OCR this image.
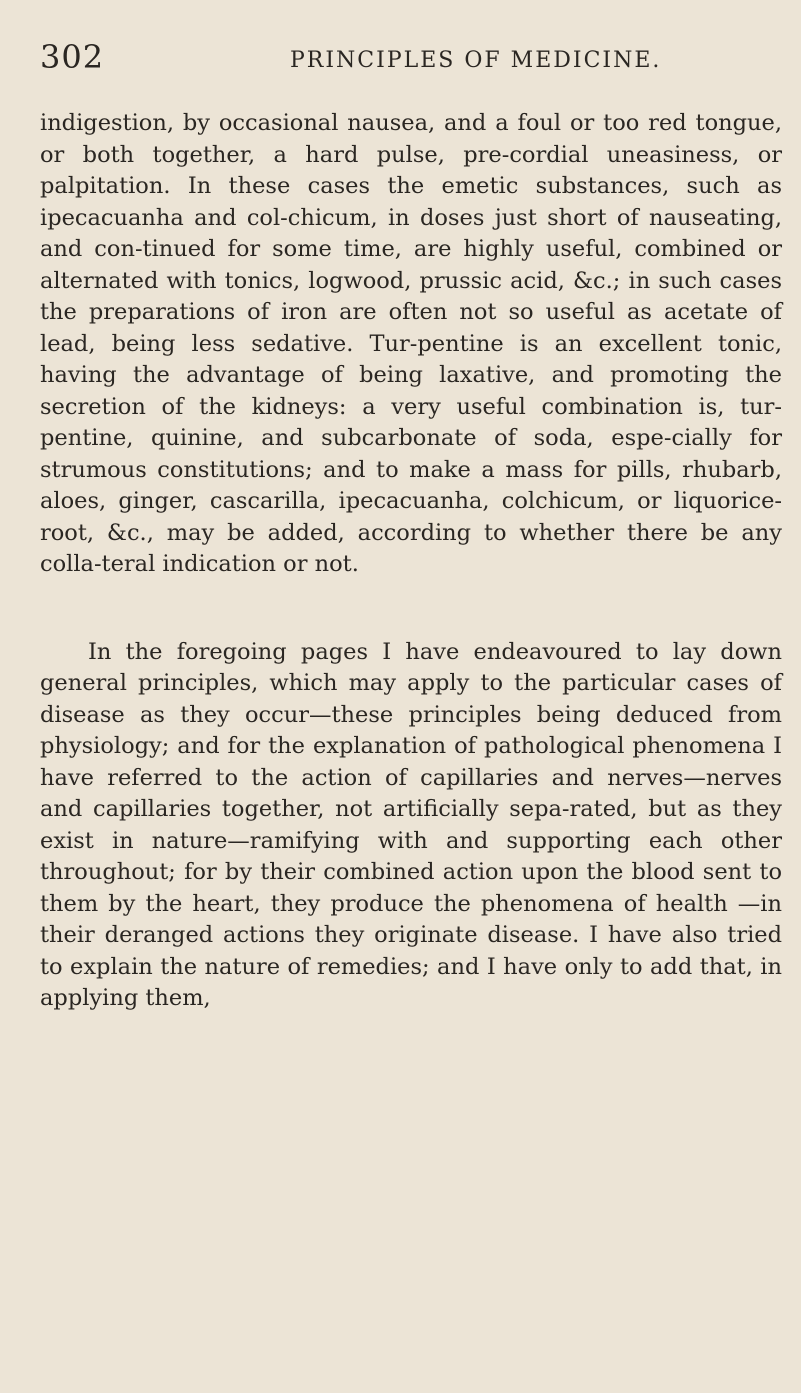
302	PRINCIPLES OF MEDICINE.

indigestion, by occasional nausea, and a foul or too red tongue, or both together, a hard pulse, pre-cordial uneasiness, or palpitation. In these cases the emetic substances, such as ipecacuanha and col-chicum, in doses just short of nauseating, and con-tinued for some time, are highly useful, combined or alternated with tonics, logwood, prussic acid, &c.; in such cases the preparations of iron are often not so useful as acetate of lead, being less sedative. Tur-pentine is an excellent tonic, having the advantage of being laxative, and promoting the secretion of the kidneys: a very useful combination is, tur-pentine, quinine, and subcarbonate of soda, espe-cially for strumous constitutions; and to make a mass for pills, rhubarb, aloes, ginger, cascarilla, ipecacuanha, colchicum, or liquorice-root, &c., may be added, according to whether there be any colla-teral indication or not.

In the foregoing pages I have endeavoured to lay down general principles, which may apply to the particular cases of disease as they occur—these principles being deduced from physiology; and for the explanation of pathological phenomena I have referred to the action of capillaries and nerves—nerves and capillaries together, not artificially sepa-rated, but as they exist in nature—ramifying with and supporting each other throughout; for by their combined action upon the blood sent to them by the heart, they produce the phenomena of health —in their deranged actions they originate disease. I have also tried to explain the nature of remedies; and I have only to add that, in applying them,
